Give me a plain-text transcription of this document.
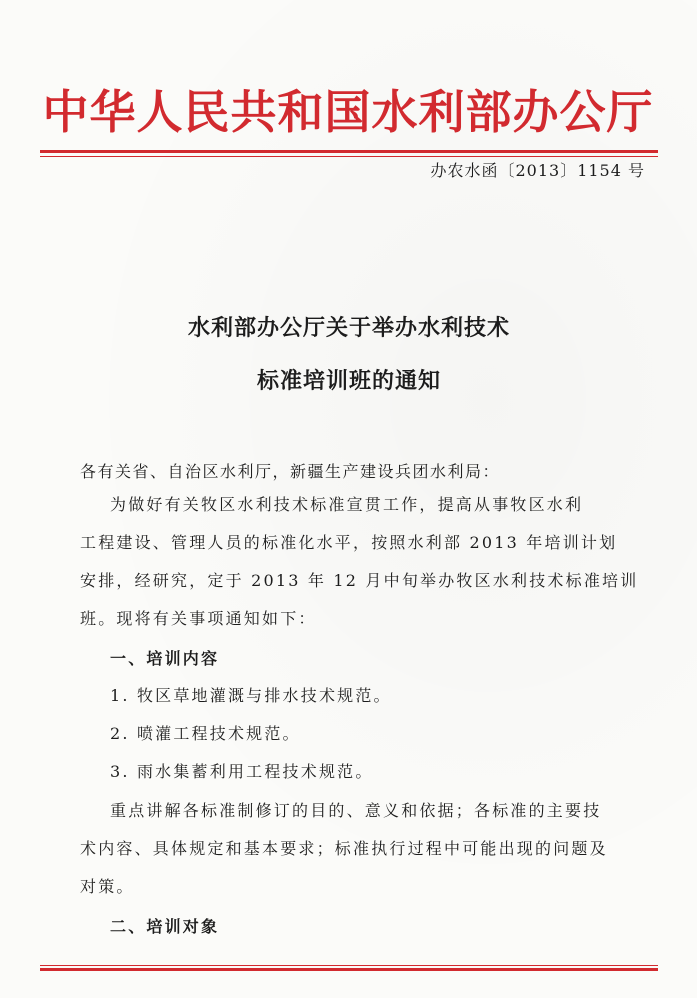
中华人民共和国水利部办公厅
办农水函〔2013〕1154 号
水利部办公厅关于举办水利技术
标准培训班的通知
各有关省、自治区水利厅，新疆生产建设兵团水利局：
为做好有关牧区水利技术标准宣贯工作，提高从事牧区水利
工程建设、管理人员的标准化水平，按照水利部 2013 年培训计划
安排，经研究，定于 2013 年 12 月中旬举办牧区水利技术标准培训
班。现将有关事项通知如下：
一、培训内容
1. 牧区草地灌溉与排水技术规范。
2. 喷灌工程技术规范。
3. 雨水集蓄利用工程技术规范。
重点讲解各标准制修订的目的、意义和依据；各标准的主要技
术内容、具体规定和基本要求；标准执行过程中可能出现的问题及
对策。
二、培训对象
